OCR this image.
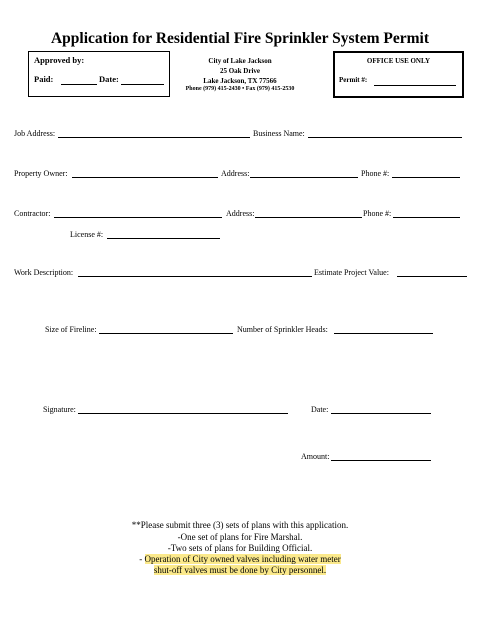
Application for Residential Fire Sprinkler System Permit
Approved by:
Paid:	Date:
City of Lake Jackson
25 Oak Drive
Lake Jackson, TX 77566
Phone (979) 415-2430 • Fax (979) 415-2530
OFFICE USE ONLY
Permit #:
Job Address:	Business Name:
Property Owner:	Address:	Phone #:
Contractor:	Address:	Phone #:
License #:
Work Description:	Estimate Project Value:
Size of Fireline:	Number of Sprinkler Heads:
Signature:	Date:
Amount:
**Please submit three (3) sets of plans with this application.
-One set of plans for Fire Marshal.
-Two sets of plans for Building Official.
- Operation of City owned valves including water meter
shut-off valves must be done by City personnel.
